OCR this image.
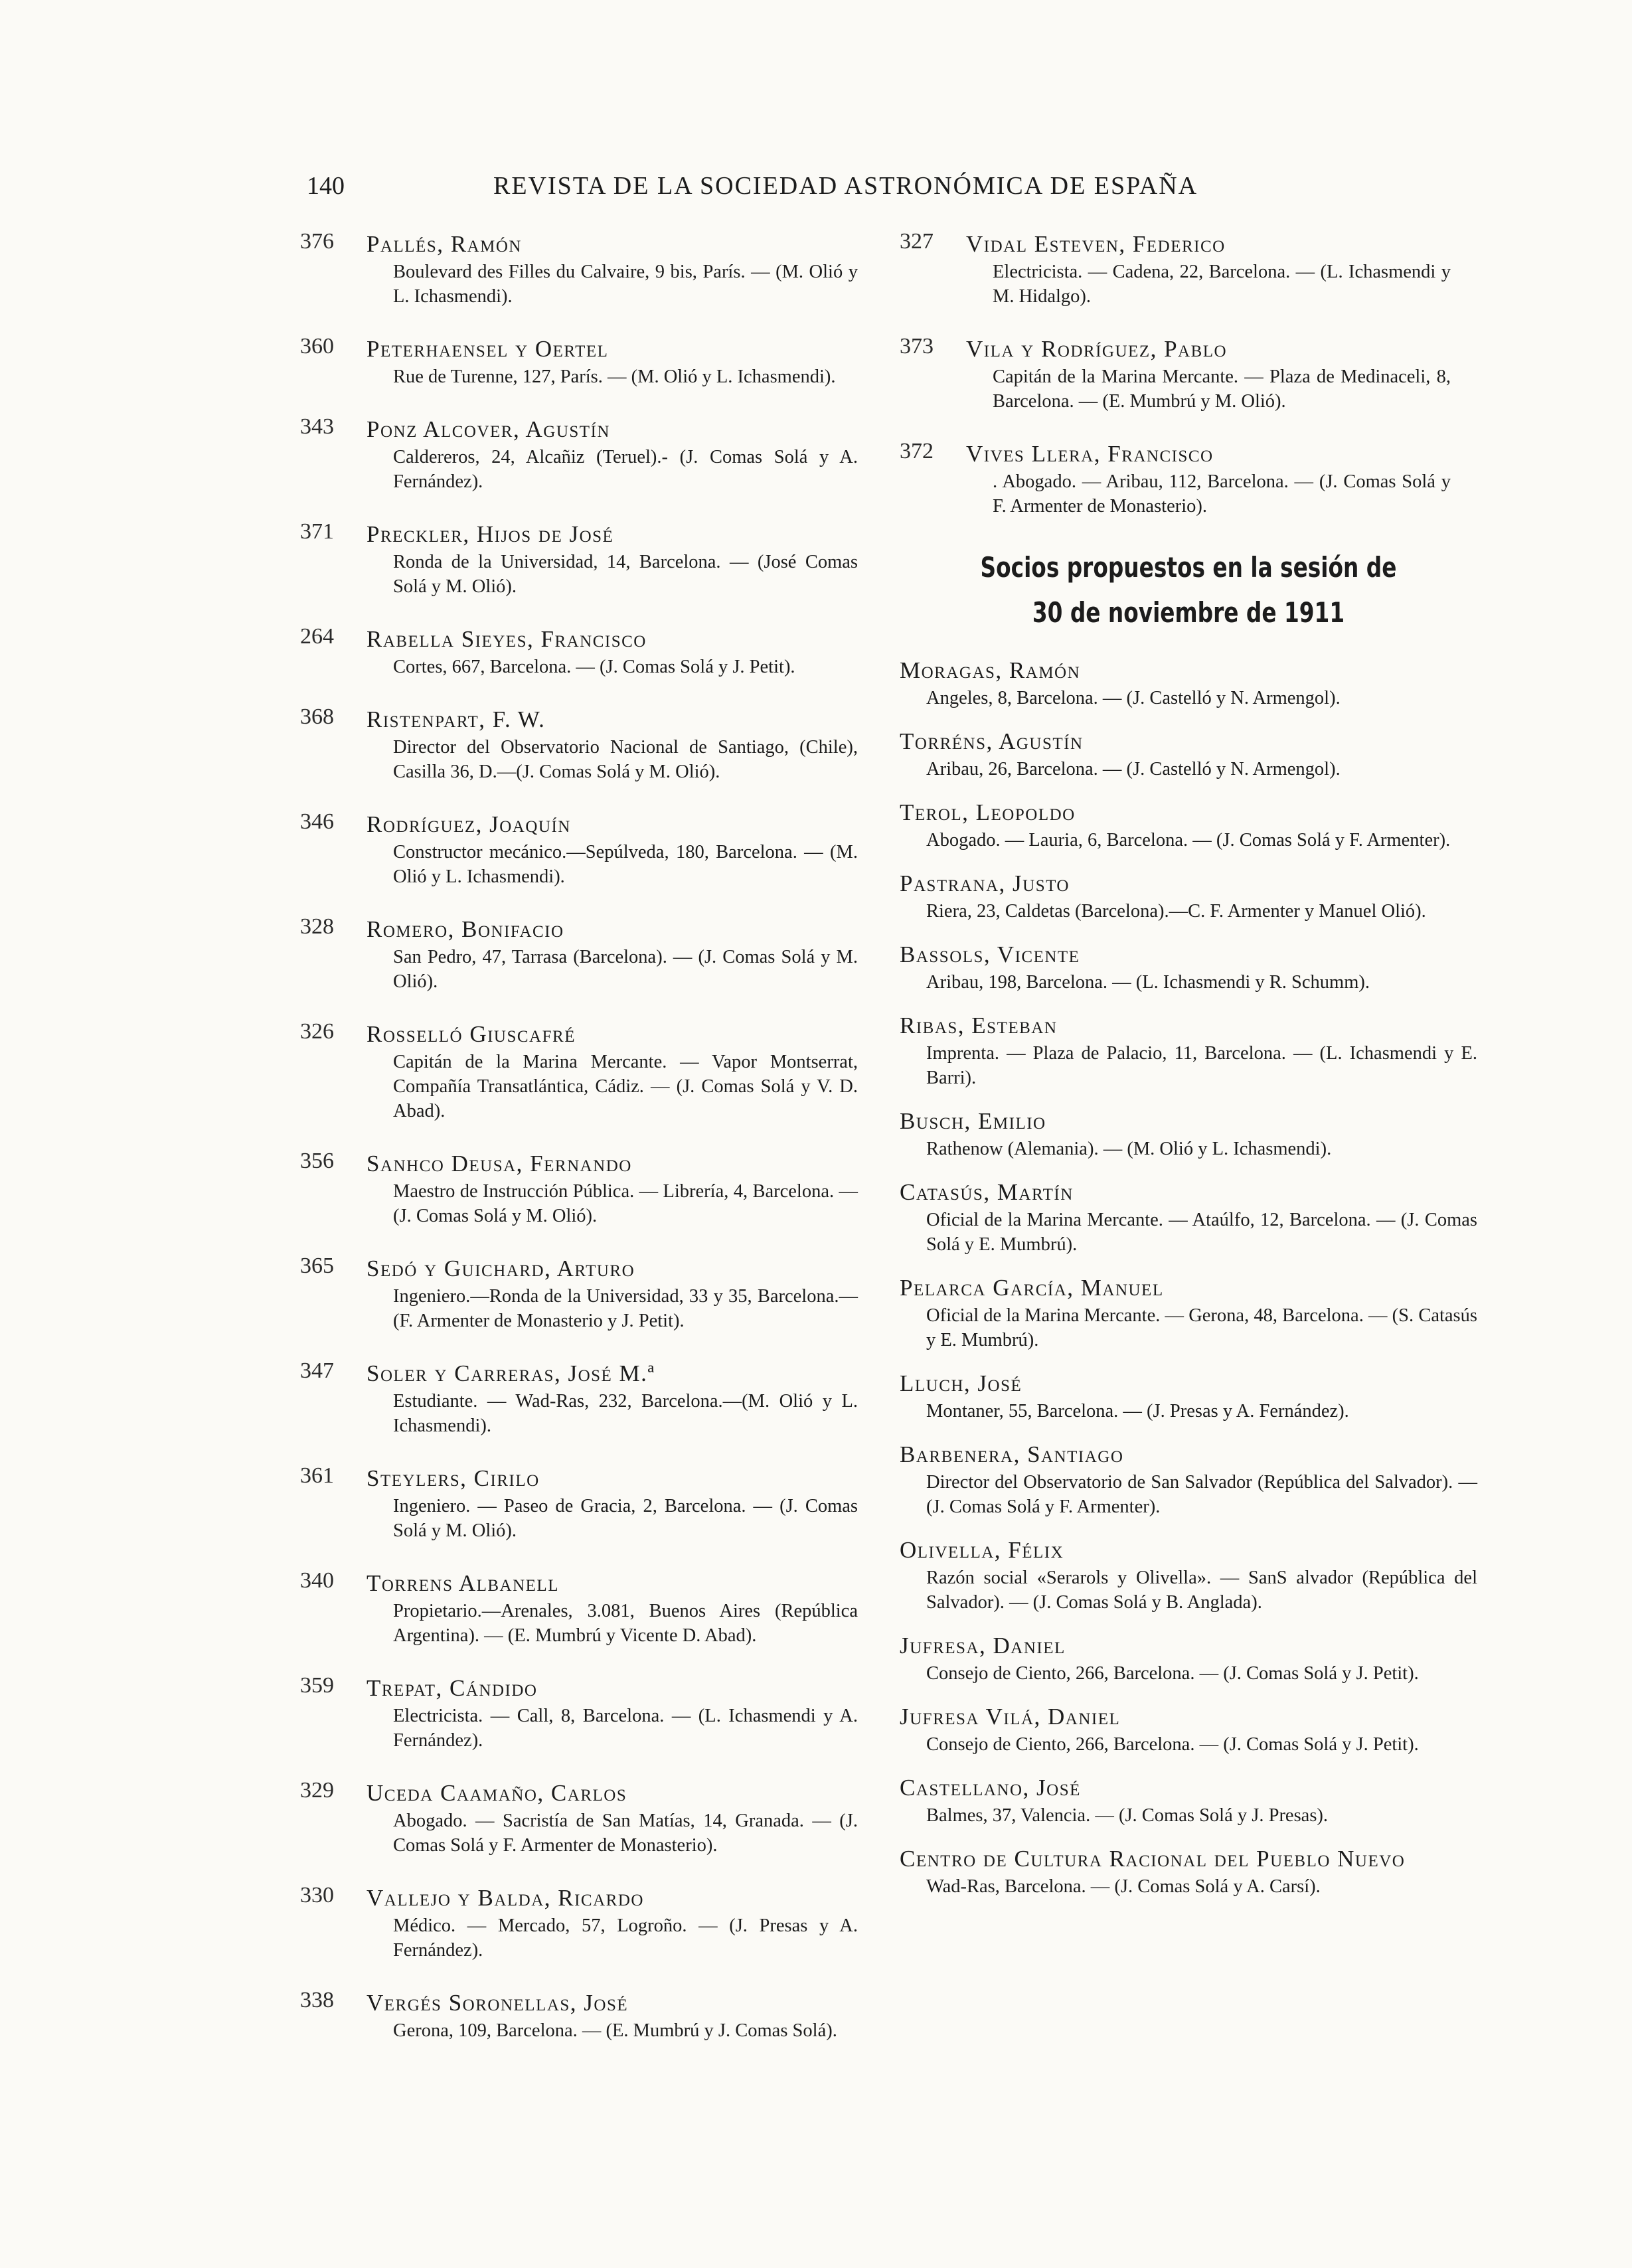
140	REVISTA DE LA SOCIEDAD ASTRONÓMICA DE ESPAÑA
376 Pallés, Ramón
Boulevard des Filles du Calvaire, 9 bis, París. — (M. Olió y L. Ichasmendi).
360 Peterhaensel y Oertel
Rue de Turenne, 127, París. — (M. Olió y L. Ichasmendi).
343 Ponz Alcover, Agustín
Caldereros, 24, Alcañiz (Teruel).- (J. Comas Solá y A. Fernández).
371 Preckler, Hijos de José
Ronda de la Universidad, 14, Barcelona. — (José Comas Solá y M. Olió).
264 Rabella Sieyes, Francisco
Cortes, 667, Barcelona. — (J. Comas Solá y J. Petit).
368 Ristenpart, F. W.
Director del Observatorio Nacional de Santiago, (Chile), Casilla 36, D.—(J. Comas Solá y M. Olió).
346 Rodríguez, Joaquín
Constructor mecánico.—Sepúlveda, 180, Barcelona. — (M. Olió y L. Ichasmendi).
328 Romero, Bonifacio
San Pedro, 47, Tarrasa (Barcelona). — (J. Comas Solá y M. Olió).
326 Rosselló Giuscafré
Capitán de la Marina Mercante. — Vapor Montserrat, Compañía Transatlántica, Cádiz. — (J. Comas Solá y V. D. Abad).
356 Sanhco Deusa, Fernando
Maestro de Instrucción Pública. — Librería, 4, Barcelona. — (J. Comas Solá y M. Olió).
365 Sedó y Guichard, Arturo
Ingeniero.—Ronda de la Universidad, 33 y 35, Barcelona.—(F. Armenter de Monasterio y J. Petit).
347 Soler y Carreras, José M.ª
Estudiante. — Wad-Ras, 232, Barcelona.—(M. Olió y L. Ichasmendi).
361 Steylers, Cirilo
Ingeniero. — Paseo de Gracia, 2, Barcelona. — (J. Comas Solá y M. Olió).
340 Torrens Albanell
Propietario.—Arenales, 3.081, Buenos Aires (República Argentina). — (E. Mumbrú y Vicente D. Abad).
359 Trepat, Cándido
Electricista. — Call, 8, Barcelona. — (L. Ichasmendi y A. Fernández).
329 Uceda Caamaño, Carlos
Abogado. — Sacristía de San Matías, 14, Granada. — (J. Comas Solá y F. Armenter de Monasterio).
330 Vallejo y Balda, Ricardo
Médico. — Mercado, 57, Logroño. — (J. Presas y A. Fernández).
338 Vergés Soronellas, José
Gerona, 109, Barcelona. — (E. Mumbrú y J. Comas Solá).
327 Vidal Esteven, Federico
Electricista. — Cadena, 22, Barcelona. — (L. Ichasmendi y M. Hidalgo).
373 Vila y Rodríguez, Pablo
Capitán de la Marina Mercante. — Plaza de Medinaceli, 8, Barcelona. — (E. Mumbrú y M. Olió).
372 Vives Llera, Francisco
. Abogado. — Aribau, 112, Barcelona. — (J. Comas Solá y F. Armenter de Monasterio).
Socios propuestos en la sesión de 30 de noviembre de 1911
Moragas, Ramón
Angeles, 8, Barcelona. — (J. Castelló y N. Armengol).
Torréns, Agustín
Aribau, 26, Barcelona. — (J. Castelló y N. Armengol).
Terol, Leopoldo
Abogado. — Lauria, 6, Barcelona. — (J. Comas Solá y F. Armenter).
Pastrana, Justo
Riera, 23, Caldetas (Barcelona).—C. F. Armenter y Manuel Olió).
Bassols, Vicente
Aribau, 198, Barcelona. — (L. Ichasmendi y R. Schumm).
Ribas, Esteban
Imprenta. — Plaza de Palacio, 11, Barcelona. — (L. Ichasmendi y E. Barri).
Busch, Emilio
Rathenow (Alemania). — (M. Olió y L. Ichasmendi).
Catasús, Martín
Oficial de la Marina Mercante. — Ataúlfo, 12, Barcelona. — (J. Comas Solá y E. Mumbrú).
Pelarca García, Manuel
Oficial de la Marina Mercante. — Gerona, 48, Barcelona. — (S. Catasús y E. Mumbrú).
Lluch, José
Montaner, 55, Barcelona. — (J. Presas y A. Fernández).
Barbenera, Santiago
Director del Observatorio de San Salvador (República del Salvador). — (J. Comas Solá y F. Armenter).
Olivella, Félix
Razón social «Serarols y Olivella». — SanS alvador (República del Salvador). — (J. Comas Solá y B. Anglada).
Jufresa, Daniel
Consejo de Ciento, 266, Barcelona. — (J. Comas Solá y J. Petit).
Jufresa Vilá, Daniel
Consejo de Ciento, 266, Barcelona. — (J. Comas Solá y J. Petit).
Castellano, José
Balmes, 37, Valencia. — (J. Comas Solá y J. Presas).
Centro de Cultura Racional del Pueblo Nuevo
Wad-Ras, Barcelona. — (J. Comas Solá y A. Carsí).
